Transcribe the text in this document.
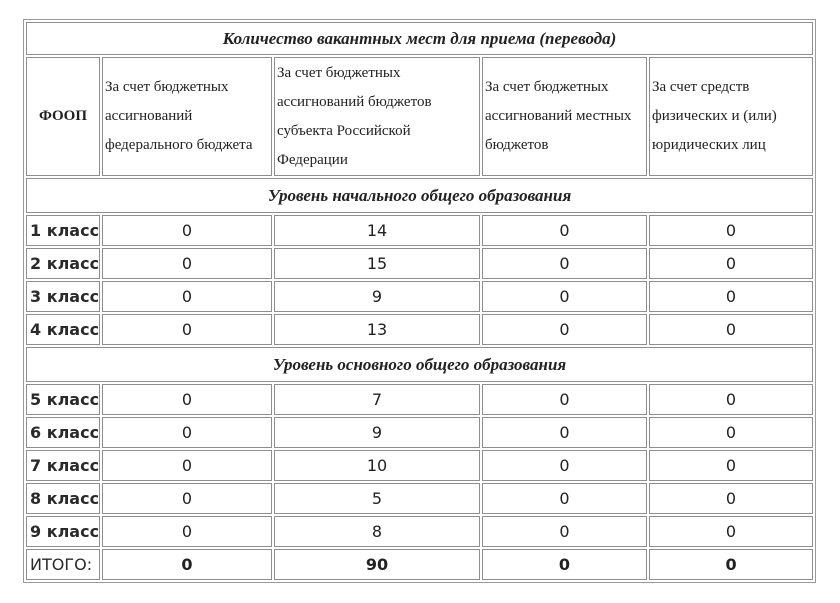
Количество вакантных мест для приема (перевода)				
ФООП	За счет бюджетных ассигнований федерального бюджета	За счет бюджетных ассигнований бюджетов субъекта Российской Федерации	За счет бюджетных ассигнований местных бюджетов	За счет средств физических и (или) юридических лиц
Уровень начального общего образования				
1 класс	0	14	0	0
2 класс	0	15	0	0
3 класс	0	9	0	0
4 класс	0	13	0	0
Уровень основного общего образования				
5 класс	0	7	0	0
6 класс	0	9	0	0
7 класс	0	10	0	0
8 класс	0	5	0	0
9 класс	0	8	0	0
ИТОГО:	0	90	0	0
